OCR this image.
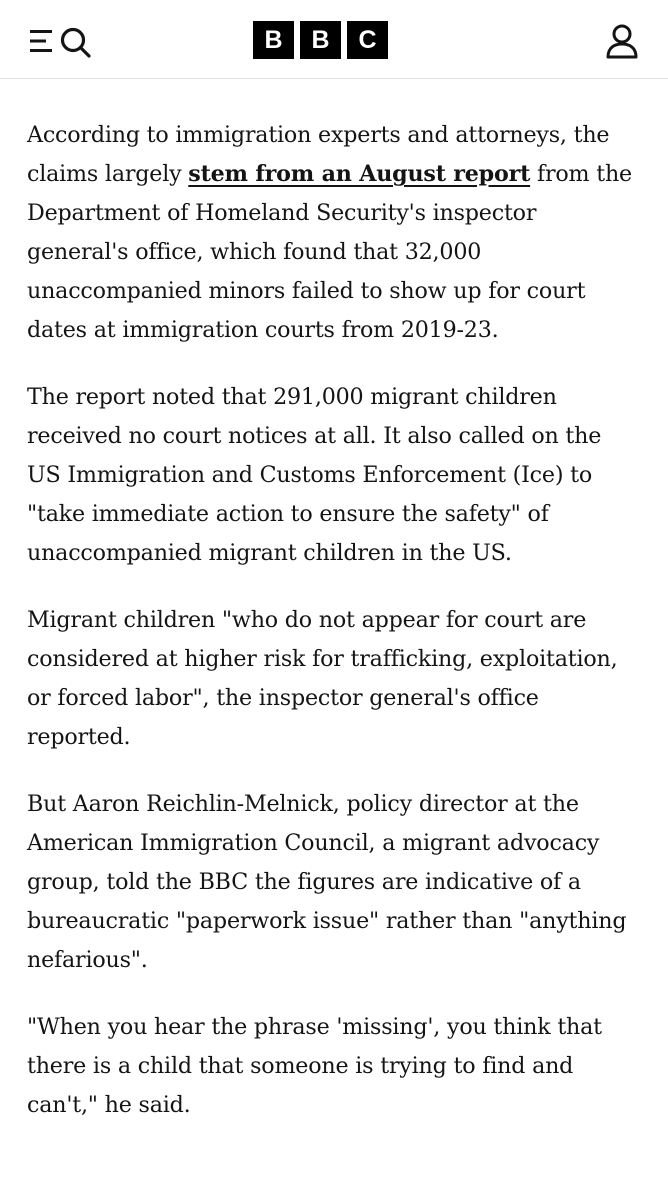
B	B	C

According to immigration experts and attorneys, the claims largely stem from an August report from the Department of Homeland Security's inspector general's office, which found that 32,000 unaccompanied minors failed to show up for court dates at immigration courts from 2019-23.

The report noted that 291,000 migrant children received no court notices at all. It also called on the US Immigration and Customs Enforcement (Ice) to "take immediate action to ensure the safety" of unaccompanied migrant children in the US.

Migrant children "who do not appear for court are considered at higher risk for trafficking, exploitation, or forced labor", the inspector general's office reported.

But Aaron Reichlin-Melnick, policy director at the American Immigration Council, a migrant advocacy group, told the BBC the figures are indicative of a bureaucratic "paperwork issue" rather than "anything nefarious".

"When you hear the phrase 'missing', you think that there is a child that someone is trying to find and can't," he said.
